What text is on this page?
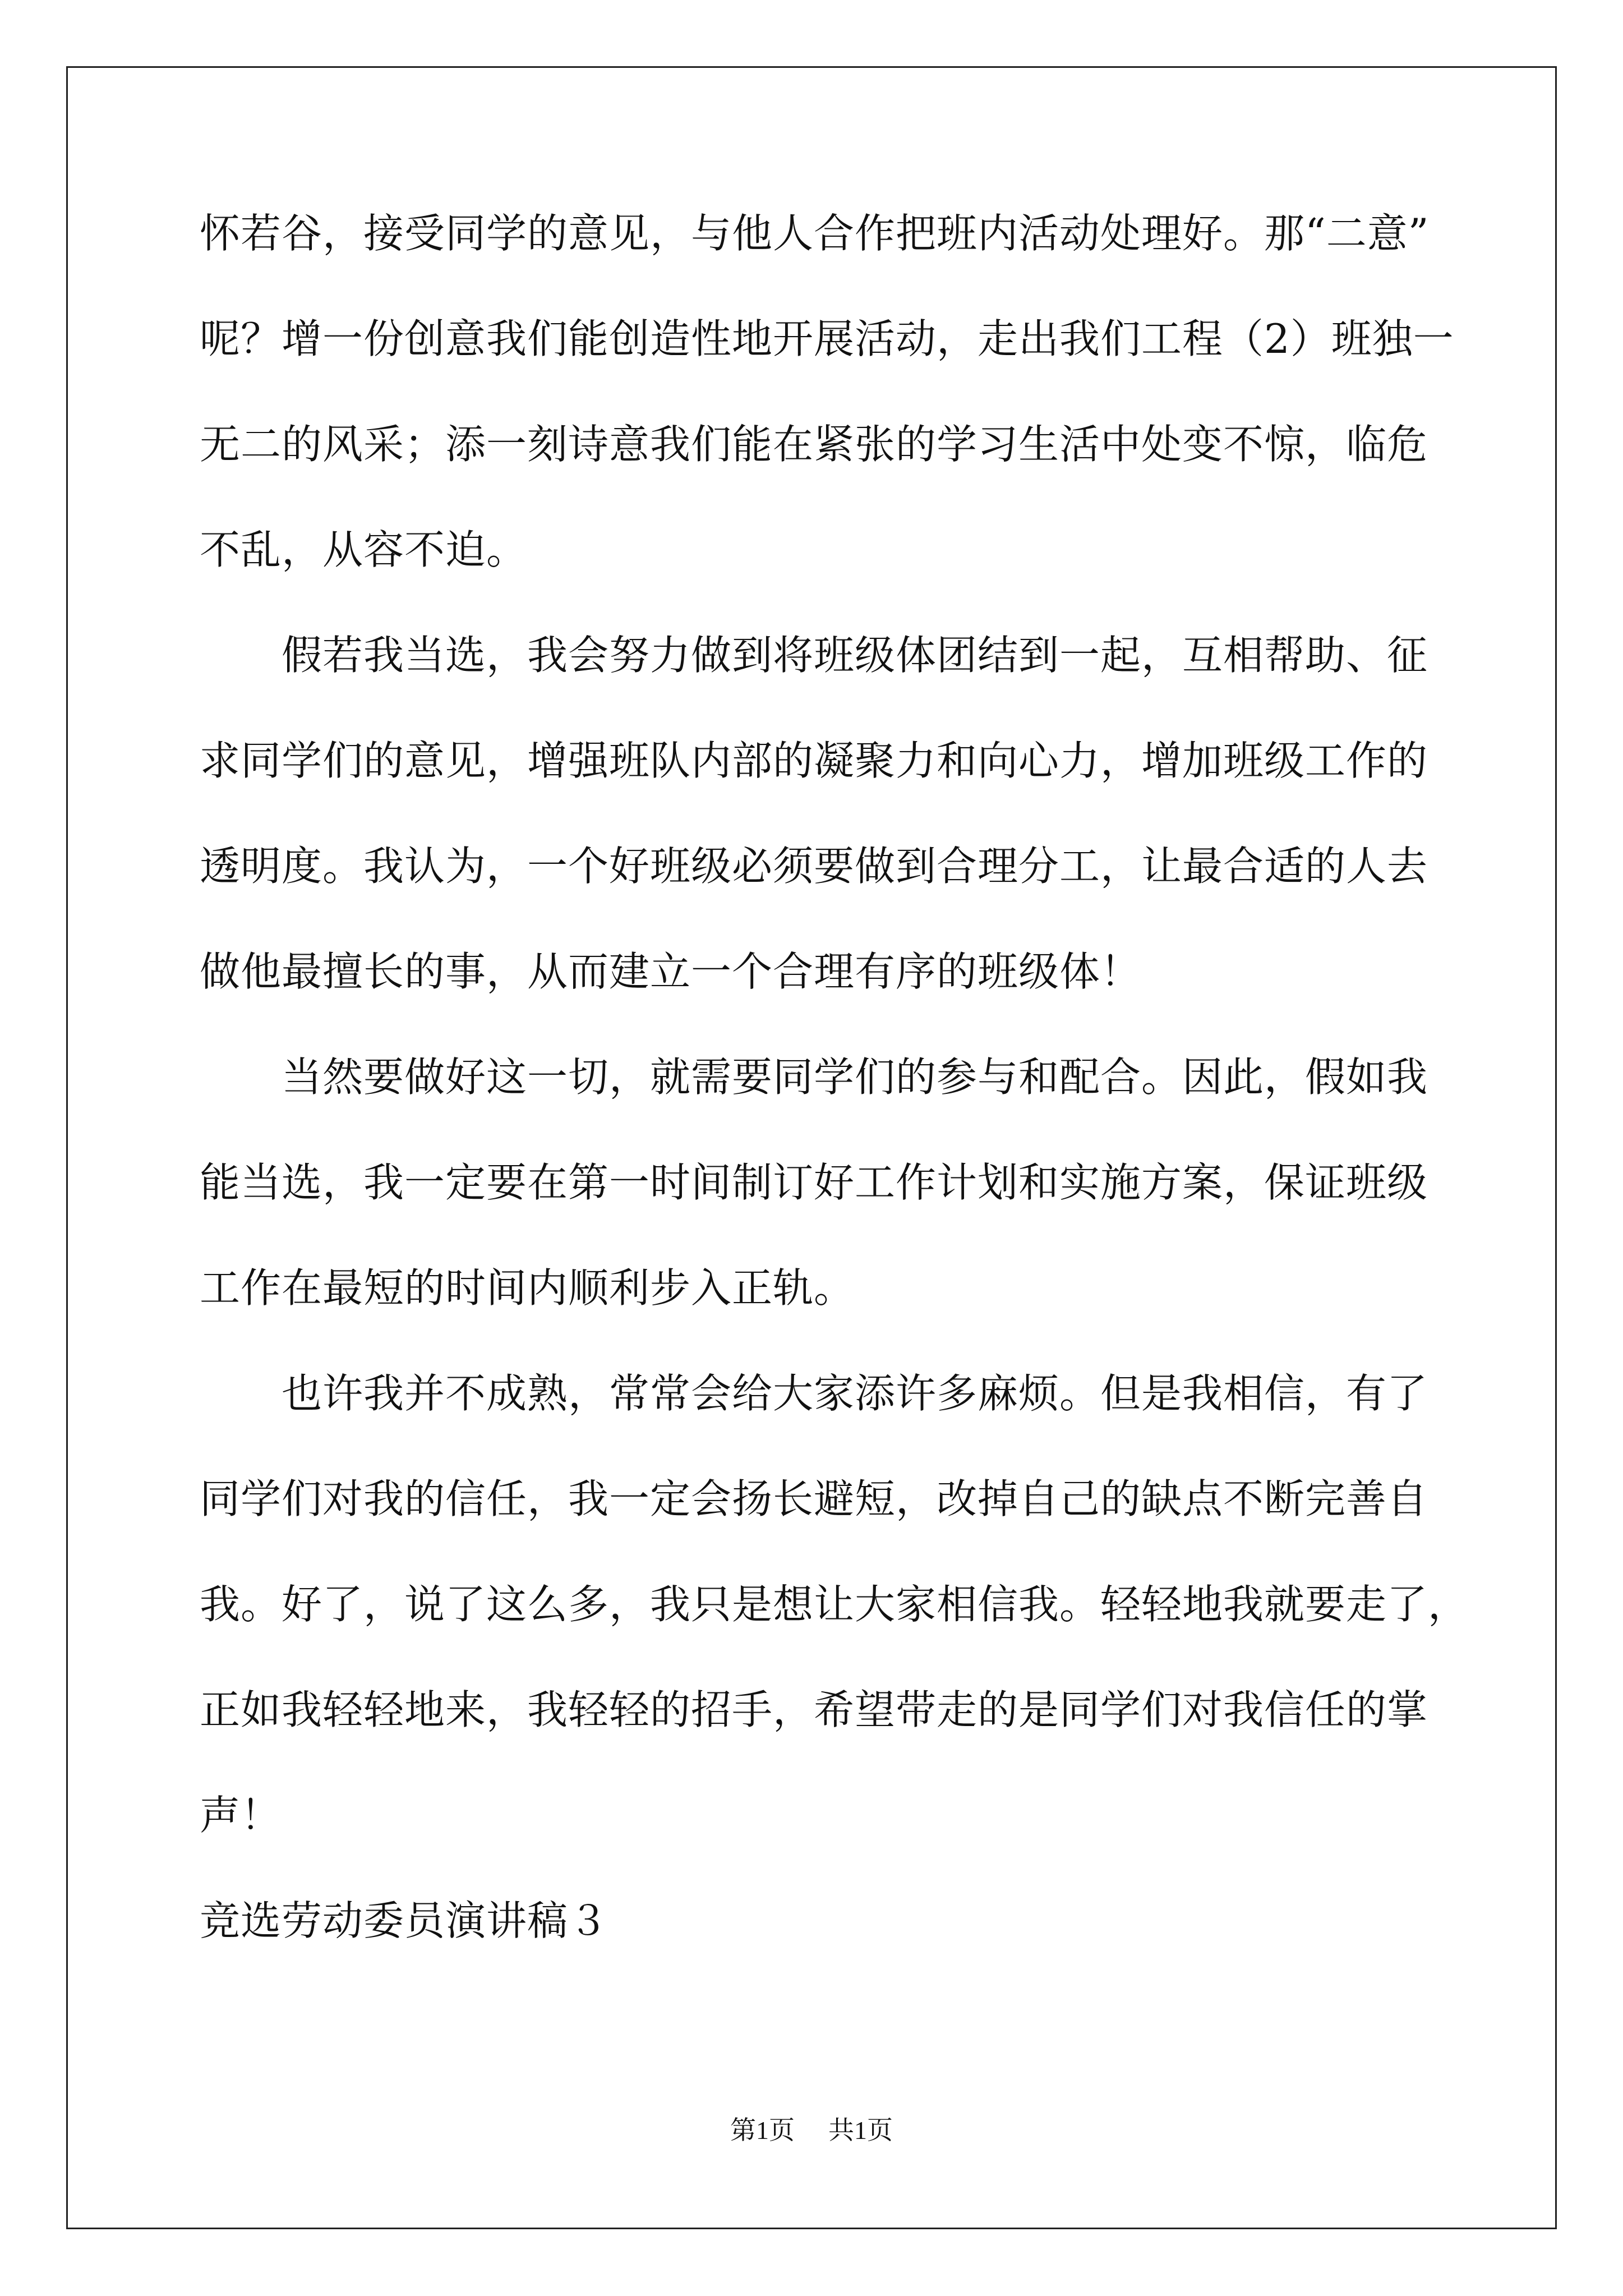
怀若谷，接受同学的意见，与他人合作把班内活动处理好。那“二意”
呢？增一份创意我们能创造性地开展活动，走出我们工程（2）班独一
无二的风采；添一刻诗意我们能在紧张的学习生活中处变不惊，临危
不乱，从容不迫。
　　假若我当选，我会努力做到将班级体团结到一起，互相帮助、征
求同学们的意见，增强班队内部的凝聚力和向心力，增加班级工作的
透明度。我认为，一个好班级必须要做到合理分工，让最合适的人去
做他最擅长的事，从而建立一个合理有序的班级体！
　　当然要做好这一切，就需要同学们的参与和配合。因此，假如我
能当选，我一定要在第一时间制订好工作计划和实施方案，保证班级
工作在最短的时间内顺利步入正轨。
　　也许我并不成熟，常常会给大家添许多麻烦。但是我相信，有了
同学们对我的信任，我一定会扬长避短，改掉自己的缺点不断完善自
我。好了，说了这么多，我只是想让大家相信我。轻轻地我就要走了，
正如我轻轻地来，我轻轻的招手，希望带走的是同学们对我信任的掌
声！
竞选劳动委员演讲稿３
第1页 共1页
